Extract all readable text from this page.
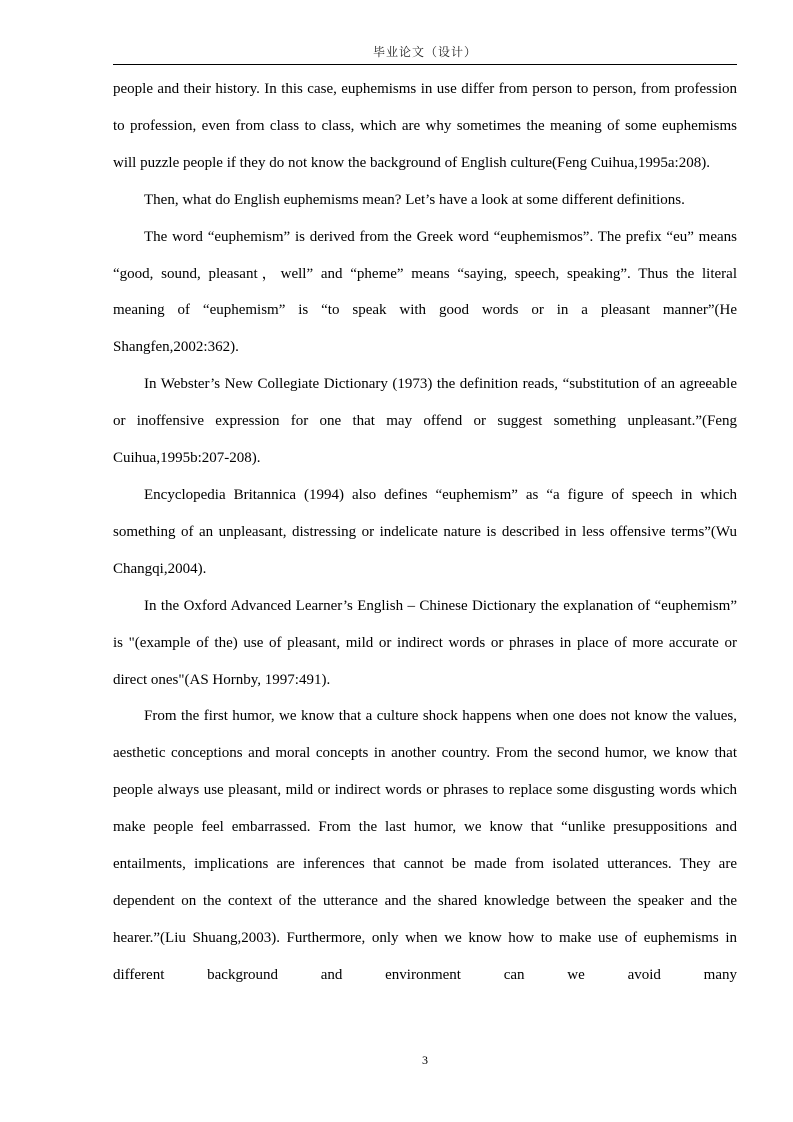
毕业论文（设计）

people and their history. In this case, euphemisms in use differ from person to person, from profession to profession, even from class to class, which are why sometimes the meaning of some euphemisms will puzzle people if they do not know the background of English culture(Feng Cuihua,1995a:208).

Then, what do English euphemisms mean? Let’s have a look at some different definitions.

The word “euphemism” is derived from the Greek word “euphemismos”. The prefix “eu” means “good, sound, pleasant，well” and “pheme” means “saying, speech, speaking”. Thus the literal meaning of “euphemism” is “to speak with good words or in a pleasant manner”(He Shangfen,2002:362).

In Webster’s New Collegiate Dictionary (1973) the definition reads, “substitution of an agreeable or inoffensive expression for one that may offend or suggest something unpleasant.”(Feng Cuihua,1995b:207-208).

Encyclopedia Britannica (1994) also defines “euphemism” as “a figure of speech in which something of an unpleasant, distressing or indelicate nature is described in less offensive terms”(Wu Changqi,2004).

In the Oxford Advanced Learner’s English – Chinese Dictionary the explanation of “euphemism” is "(example of the) use of pleasant, mild or indirect words or phrases in place of more accurate or direct ones"(AS Hornby, 1997:491).

From the first humor, we know that a culture shock happens when one does not know the values, aesthetic conceptions and moral concepts in another country. From the second humor, we know that people always use pleasant, mild or indirect words or phrases to replace some disgusting words which make people feel embarrassed. From the last humor, we know that “unlike presuppositions and entailments, implications are inferences that cannot be made from isolated utterances. They are dependent on the context of the utterance and the shared knowledge between the speaker and the hearer.”(Liu Shuang,2003). Furthermore, only when we know how to make use of euphemisms in different background and environment can we avoid many

3
